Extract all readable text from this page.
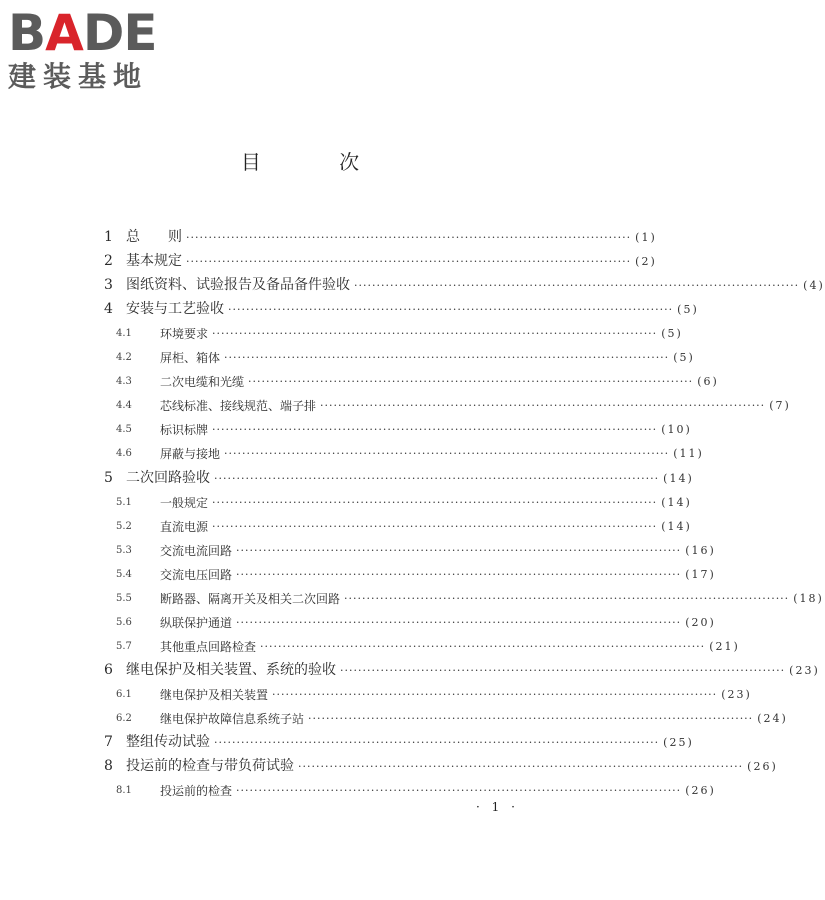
BADE
建装基地
目 次
1 总　　则 ··································································································· (1)
2 基本规定 ··································································································· (2)
3 图纸资料、试验报告及备品备件验收 ··································································································· (4)
4 安装与工艺验收 ··································································································· (5)
4.1	环境要求 ··································································································· (5)
4.2	屏柜、箱体 ··································································································· (5)
4.3	二次电缆和光缆 ··································································································· (6)
4.4	芯线标准、接线规范、端子排 ··································································································· (7)
4.5	标识标牌 ··································································································· (10)
4.6	屏蔽与接地 ··································································································· (11)
5 二次回路验收 ··································································································· (14)
5.1	一般规定 ··································································································· (14)
5.2	直流电源 ··································································································· (14)
5.3	交流电流回路 ··································································································· (16)
5.4	交流电压回路 ··································································································· (17)
5.5	断路器、隔离开关及相关二次回路 ··································································································· (18)
5.6	纵联保护通道 ··································································································· (20)
5.7	其他重点回路检查 ··································································································· (21)
6 继电保护及相关装置、系统的验收 ··································································································· (23)
6.1	继电保护及相关装置 ··································································································· (23)
6.2	继电保护故障信息系统子站 ··································································································· (24)
7 整组传动试验 ··································································································· (25)
8 投运前的检查与带负荷试验 ··································································································· (26)
8.1	投运前的检查 ··································································································· (26)
· 1 ·
